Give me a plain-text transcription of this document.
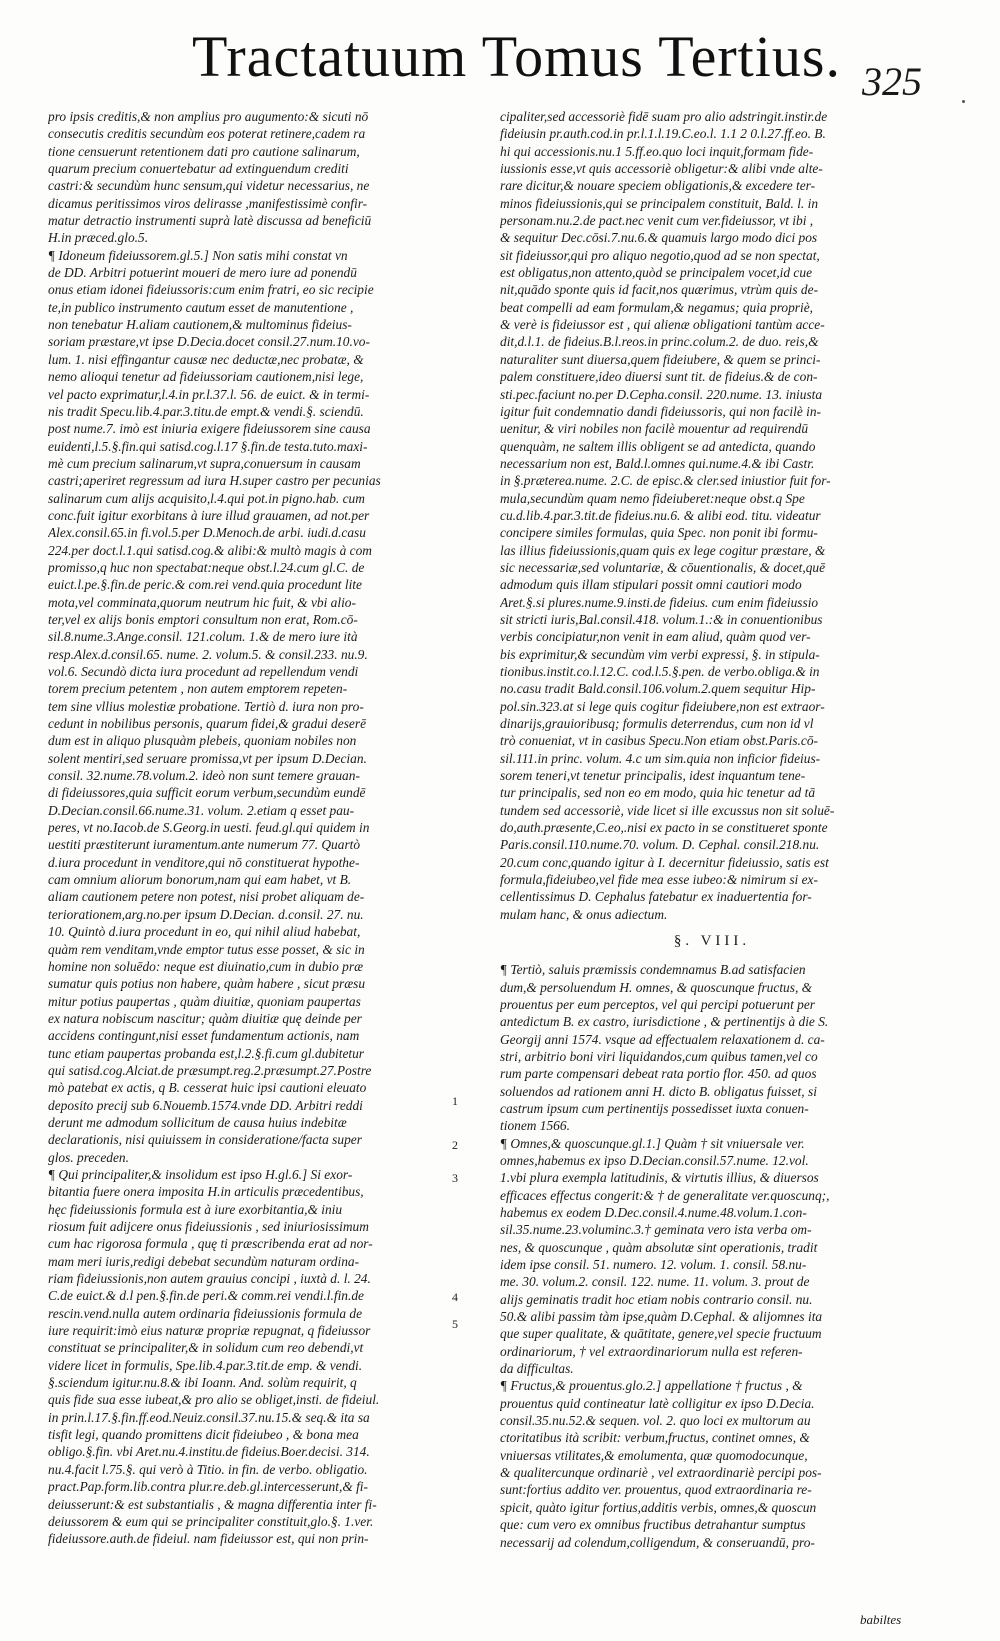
Tractatuum Tomus Tertius. 325
pro ipsis creditis,& non amplius pro augumento:& sicuti nō
consecutis creditis secundùm eos poterat retinere,cadem ra
tione censuerunt retentionem dati pro cautione salinarum,
quarum precium conuertebatur ad extinguendum crediti
castri:& secundùm hunc sensum,qui videtur necessarius, ne
dicamus peritissimos viros delirasse ,manifestissimè confir-
matur detractio instrumenti suprà latè discussa ad beneficiū
H.in præced.glo.5.
¶ Idoneum fideiussorem.gl.5.] Non satis mihi constat vn
de DD. Arbitri potuerint moueri de mero iure ad ponendū
onus etiam idonei fideiussoris:cum enim fratri, eo sic recipie
te,in publico instrumento cautum esset de manutentione ,
non tenebatur H.aliam cautionem,& multominus fideius-
soriam præstare,vt ipse D.Decia.docet consil.27.num.10.vo-
lum. 1. nisi effingantur causæ nec deductæ,nec probatæ, &
nemo alioqui tenetur ad fideiussoriam cautionem,nisi lege,
vel pacto exprimatur,l.4.in pr.l.37.l. 56. de euict. & in termi-
nis tradit Specu.lib.4.par.3.titu.de empt.& vendi.§. sciendū.
post nume.7. imò est iniuria exigere fideiussorem sine causa
euidenti,l.5.§.fin.qui satisd.cog.l.17 §.fin.de testa.tuto.maxi-
mè cum precium salinarum,vt supra,conuersum in causam
castri;aperiret regressum ad iura H.super castro per pecunias
salinarum cum alijs acquisito,l.4.qui pot.in pigno.hab. cum
conc.fuit igitur exorbitans à iure illud grauamen, ad not.per
Alex.consil.65.in fi.vol.5.per D.Menoch.de arbi. iudi.d.casu
224.per doct.l.1.qui satisd.cog.& alibi:& multò magis à com
promisso,q huc non spectabat:neque obst.l.24.cum gl.C. de
euict.l.pe.§.fin.de peric.& com.rei vend.quia procedunt lite
mota,vel comminata,quorum neutrum hic fuit, & vbi alio-
ter,vel ex alijs bonis emptori consultum non erat, Rom.cō-
sil.8.nume.3.Ange.consil. 121.colum. 1.& de mero iure ità
resp.Alex.d.consil.65. nume. 2. volum.5. & consil.233. nu.9.
vol.6. Secundò dicta iura procedunt ad repellendum vendi
torem precium petentem , non autem emptorem repeten-
tem sine vllius molestiæ probatione. Tertiò d. iura non pro-
cedunt in nobilibus personis, quarum fidei,& gradui deserē
dum est in aliquo plusquàm plebeis, quoniam nobiles non
solent mentiri,sed seruare promissa,vt per ipsum D.Decian.
consil. 32.nume.78.volum.2. ideò non sunt temere grauan-
di fideiussores,quia sufficit eorum verbum,secundùm eundē
D.Decian.consil.66.nume.31. volum. 2.etiam q esset pau-
peres, vt no.Iacob.de S.Georg.in uesti. feud.gl.qui quidem in
uestiti præstiterunt iuramentum.ante numerum 77. Quartò
d.iura procedunt in venditore,qui nō constituerat hypothe-
cam omnium aliorum bonorum,nam qui eam habet, vt B.
aliam cautionem petere non potest, nisi probet aliquam de-
teriorationem,arg.no.per ipsum D.Decian. d.consil. 27. nu.
10. Quintò d.iura procedunt in eo, qui nihil aliud habebat,
quàm rem venditam,vnde emptor tutus esse posset, & sic in
homine non soluēdo: neque est diuinatio,cum in dubio præ
sumatur quis potius non habere, quàm habere , sicut præsu
mitur potius paupertas , quàm diuitiæ, quoniam paupertas
ex natura nobiscum nascitur; quàm diuitiæ quę deinde per
accidens contingunt,nisi esset fundamentum actionis, nam
tunc etiam paupertas probanda est,l.2.§.fi.cum gl.dubitetur
qui satisd.cog.Alciat.de præsumpt.reg.2.præsumpt.27.Postre
mò patebat ex actis, q B. cesserat huic ipsi cautioni eleuato
deposito precij sub 6.Nouemb.1574.vnde DD. Arbitri reddi
derunt me admodum sollicitum de causa huius indebitæ
declarationis, nisi quiuissem in consideratione/facta super
glos. preceden.
¶ Qui principaliter,& insolidum est ipso H.gl.6.] Si exor-
bitantia fuere onera imposita H.in articulis præcedentibus,
hęc fideiussionis formula est à iure exorbitantia,& iniu
riosum fuit adijcere onus fideiussionis , sed iniuriosissimum
cum hac rigorosa formula , quę ti præscribenda erat ad nor-
mam meri iuris,redigi debebat secundùm naturam ordina-
riam fideiussionis,non autem grauius concipi , iuxtà d. l. 24.
C.de euict.& d.l pen.§.fin.de peri.& comm.rei vendi.l.fin.de
rescin.vend.nulla autem ordinaria fideiussionis formula de
iure requirit:imò eius naturæ propriæ repugnat, q fideiussor
constituat se principaliter,& in solidum cum reo debendi,vt
videre licet in formulis, Spe.lib.4.par.3.tit.de emp. & vendi.
§.sciendum igitur.nu.8.& ibi Ioann. And. solùm requirit, q
quis fide sua esse iubeat,& pro alio se obliget,insti. de fideiul.
in prin.l.17.§.fin.ff.eod.Neuiz.consil.37.nu.15.& seq.& ita sa
tisfit legi, quando promittens dicit fideiubeo , & bona mea
obligo.§.fin. vbi Aret.nu.4.institu.de fideius.Boer.decisi. 314.
nu.4.facit l.75.§. qui verò à Titio. in fin. de verbo. obligatio.
pract.Pap.form.lib.contra plur.re.deb.gl.intercesserunt,& fi-
deiusserunt:& est substantialis , & magna differentia inter fi-
deiussorem & eum qui se principaliter constituit,glo.§. 1.ver.
fideiussore.auth.de fideiul. nam fideiussor est, qui non prin-
cipaliter,sed accessoriè fidē suam pro alio adstringit.instir.de
fideiusin pr.auth.cod.in pr.l.1.l.19.C.eo.l. 1.1 2 0.l.27.ff.eo. B.
hi qui accessionis.nu.1 5.ff.eo.quo loci inquit,formam fide-
iussionis esse,vt quis accessoriè obligetur:& alibi vnde alte-
rare dicitur,& nouare speciem obligationis,& excedere ter-
minos fideiussionis,qui se principalem constituit, Bald. l. in
personam.nu.2.de pact.nec venit cum ver.fideiussor, vt ibi ,
& sequitur Dec.cōsi.7.nu.6.& quamuis largo modo dici pos
sit fideiussor,qui pro aliquo negotio,quod ad se non spectat,
est obligatus,non attento,quòd se principalem vocet,id cue
nit,quādo sponte quis id facit,nos quærimus, vtrùm quis de-
beat compelli ad eam formulam,& negamus; quia propriè,
& verè is fideiussor est , qui alienæ obligationi tantùm acce-
dit,d.l.1. de fideius.B.l.reos.in princ.colum.2. de duo. reis,&
naturaliter sunt diuersa,quem fideiubere, & quem se princi-
palem constituere,ideo diuersi sunt tit. de fideius.& de con-
sti.pec.faciunt no.per D.Cepha.consil. 220.nume. 13. iniusta
igitur fuit condemnatio dandi fideiussoris, qui non facilè in-
uenitur, & viri nobiles non facilè mouentur ad requirendū
quenquàm, ne saltem illis obligent se ad antedicta, quando
necessarium non est, Bald.l.omnes qui.nume.4.& ibi Castr.
in §.præterea.nume. 2.C. de episc.& cler.sed iniustior fuit for-
mula,secundùm quam nemo fideiuberet:neque obst.q Spe
cu.d.lib.4.par.3.tit.de fideius.nu.6. & alibi eod. titu. videatur
concipere similes formulas, quia Spec. non ponit ibi formu-
las illius fideiussionis,quam quis ex lege cogitur præstare, &
sic necessariæ,sed voluntariæ, & cōuentionalis, & docet,quē
admodum quis illam stipulari possit omni cautiori modo
Aret.§.si plures.nume.9.insti.de fideius. cum enim fideiussio
sit stricti iuris,Bal.consil.418. volum.1.:& in conuentionibus
verbis concipiatur,non venit in eam aliud, quàm quod ver-
bis exprimitur,& secundùm vim verbi expressi, §. in stipula-
tionibus.instit.co.l.12.C. cod.l.5.§.pen. de verbo.obliga.& in
no.casu tradit Bald.consil.106.volum.2.quem sequitur Hip-
pol.sin.323.at si lege quis cogitur fideiubere,non est extraor-
dinarijs,grauioribusq; formulis deterrendus, cum non id vl
trò conueniat, vt in casibus Specu.Non etiam obst.Paris.cō-
sil.111.in princ. volum. 4.c um sim.quia non inficior fideius-
sorem teneri,vt tenetur principalis, idest inquantum tene-
tur principalis, sed non eo em modo, quia hic tenetur ad tā
tundem sed accessoriè, vide licet si ille excussus non sit soluē-
do,auth.præsente,C.eo,.nisi ex pacto in se constitueret sponte
Paris.consil.110.nume.70. volum. D. Cephal. consil.218.nu.
20.cum conc,quando igitur à I. decernitur fideiussio, satis est
formula,fideiubeo,vel fide mea esse iubeo:& nimirum si ex-
cellentissimus D. Cephalus fatebatur ex inaduertentia for-
mulam hanc, & onus adiectum.
§. VIII.
¶ Tertiò, saluis præmissis condemnamus B.ad satisfacien
dum,& persoluendum H. omnes, & quoscunque fructus, &
prouentus per eum perceptos, vel qui percipi potuerunt per
antedictum B. ex castro, iurisdictione , & pertinentijs à die S.
Georgij anni 1574. vsque ad effectualem relaxationem d. ca-
stri, arbitrio boni viri liquidandos,cum quibus tamen,vel co
rum parte compensari debeat rata portio flor. 450. ad quos
soluendos ad rationem anni H. dicto B. obligatus fuisset, si
castrum ipsum cum pertinentijs possedisset iuxta conuen-
tionem 1566.
¶ Omnes,& quoscunque.gl.1.] Quàm † sit vniuersale ver.
omnes,habemus ex ipso D.Decian.consil.57.nume. 12.vol.
1.vbi plura exempla latitudinis, & virtutis illius, & diuersos
efficaces effectus congerit:& † de generalitate ver.quoscunq;,
habemus ex eodem D.Dec.consil.4.nume.48.volum.1.con-
sil.35.nume.23.voluminc.3.† geminata vero ista verba om-
nes, & quoscunque , quàm absolutæ sint operationis, tradit
idem ipse consil. 51. numero. 12. volum. 1. consil. 58.nu-
me. 30. volum.2. consil. 122. nume. 11. volum. 3. prout de
alijs geminatis tradit hoc etiam nobis contrario consil. nu.
50.& alibi passim tàm ipse,quàm D.Cephal. & alijomnes ita
que super qualitate, & quātitate, genere,vel specie fructuum
ordinariorum, † vel extraordinariorum nulla est referen-
da difficultas.
¶ Fructus,& prouentus.glo.2.] appellatione † fructus , &
prouentus quid contineatur latè colligitur ex ipso D.Decia.
consil.35.nu.52.& sequen. vol. 2. quo loci ex multorum au
ctoritatibus ità scribit: verbum,fructus, continet omnes, &
vniuersas vtilitates,& emolumenta, quæ quomodocunque,
& qualitercunque ordinariè , vel extraordinariè percipi pos-
sunt:fortius addito ver. prouentus, quod extraordinaria re-
spicit, quàto igitur fortius,additis verbis, omnes,& quoscun
que: cum vero ex omnibus fructibus detrahantur sumptus
necessarij ad colendum,colligendum, & conseruandū, pro-
1
2
3
4
5
babiltes
